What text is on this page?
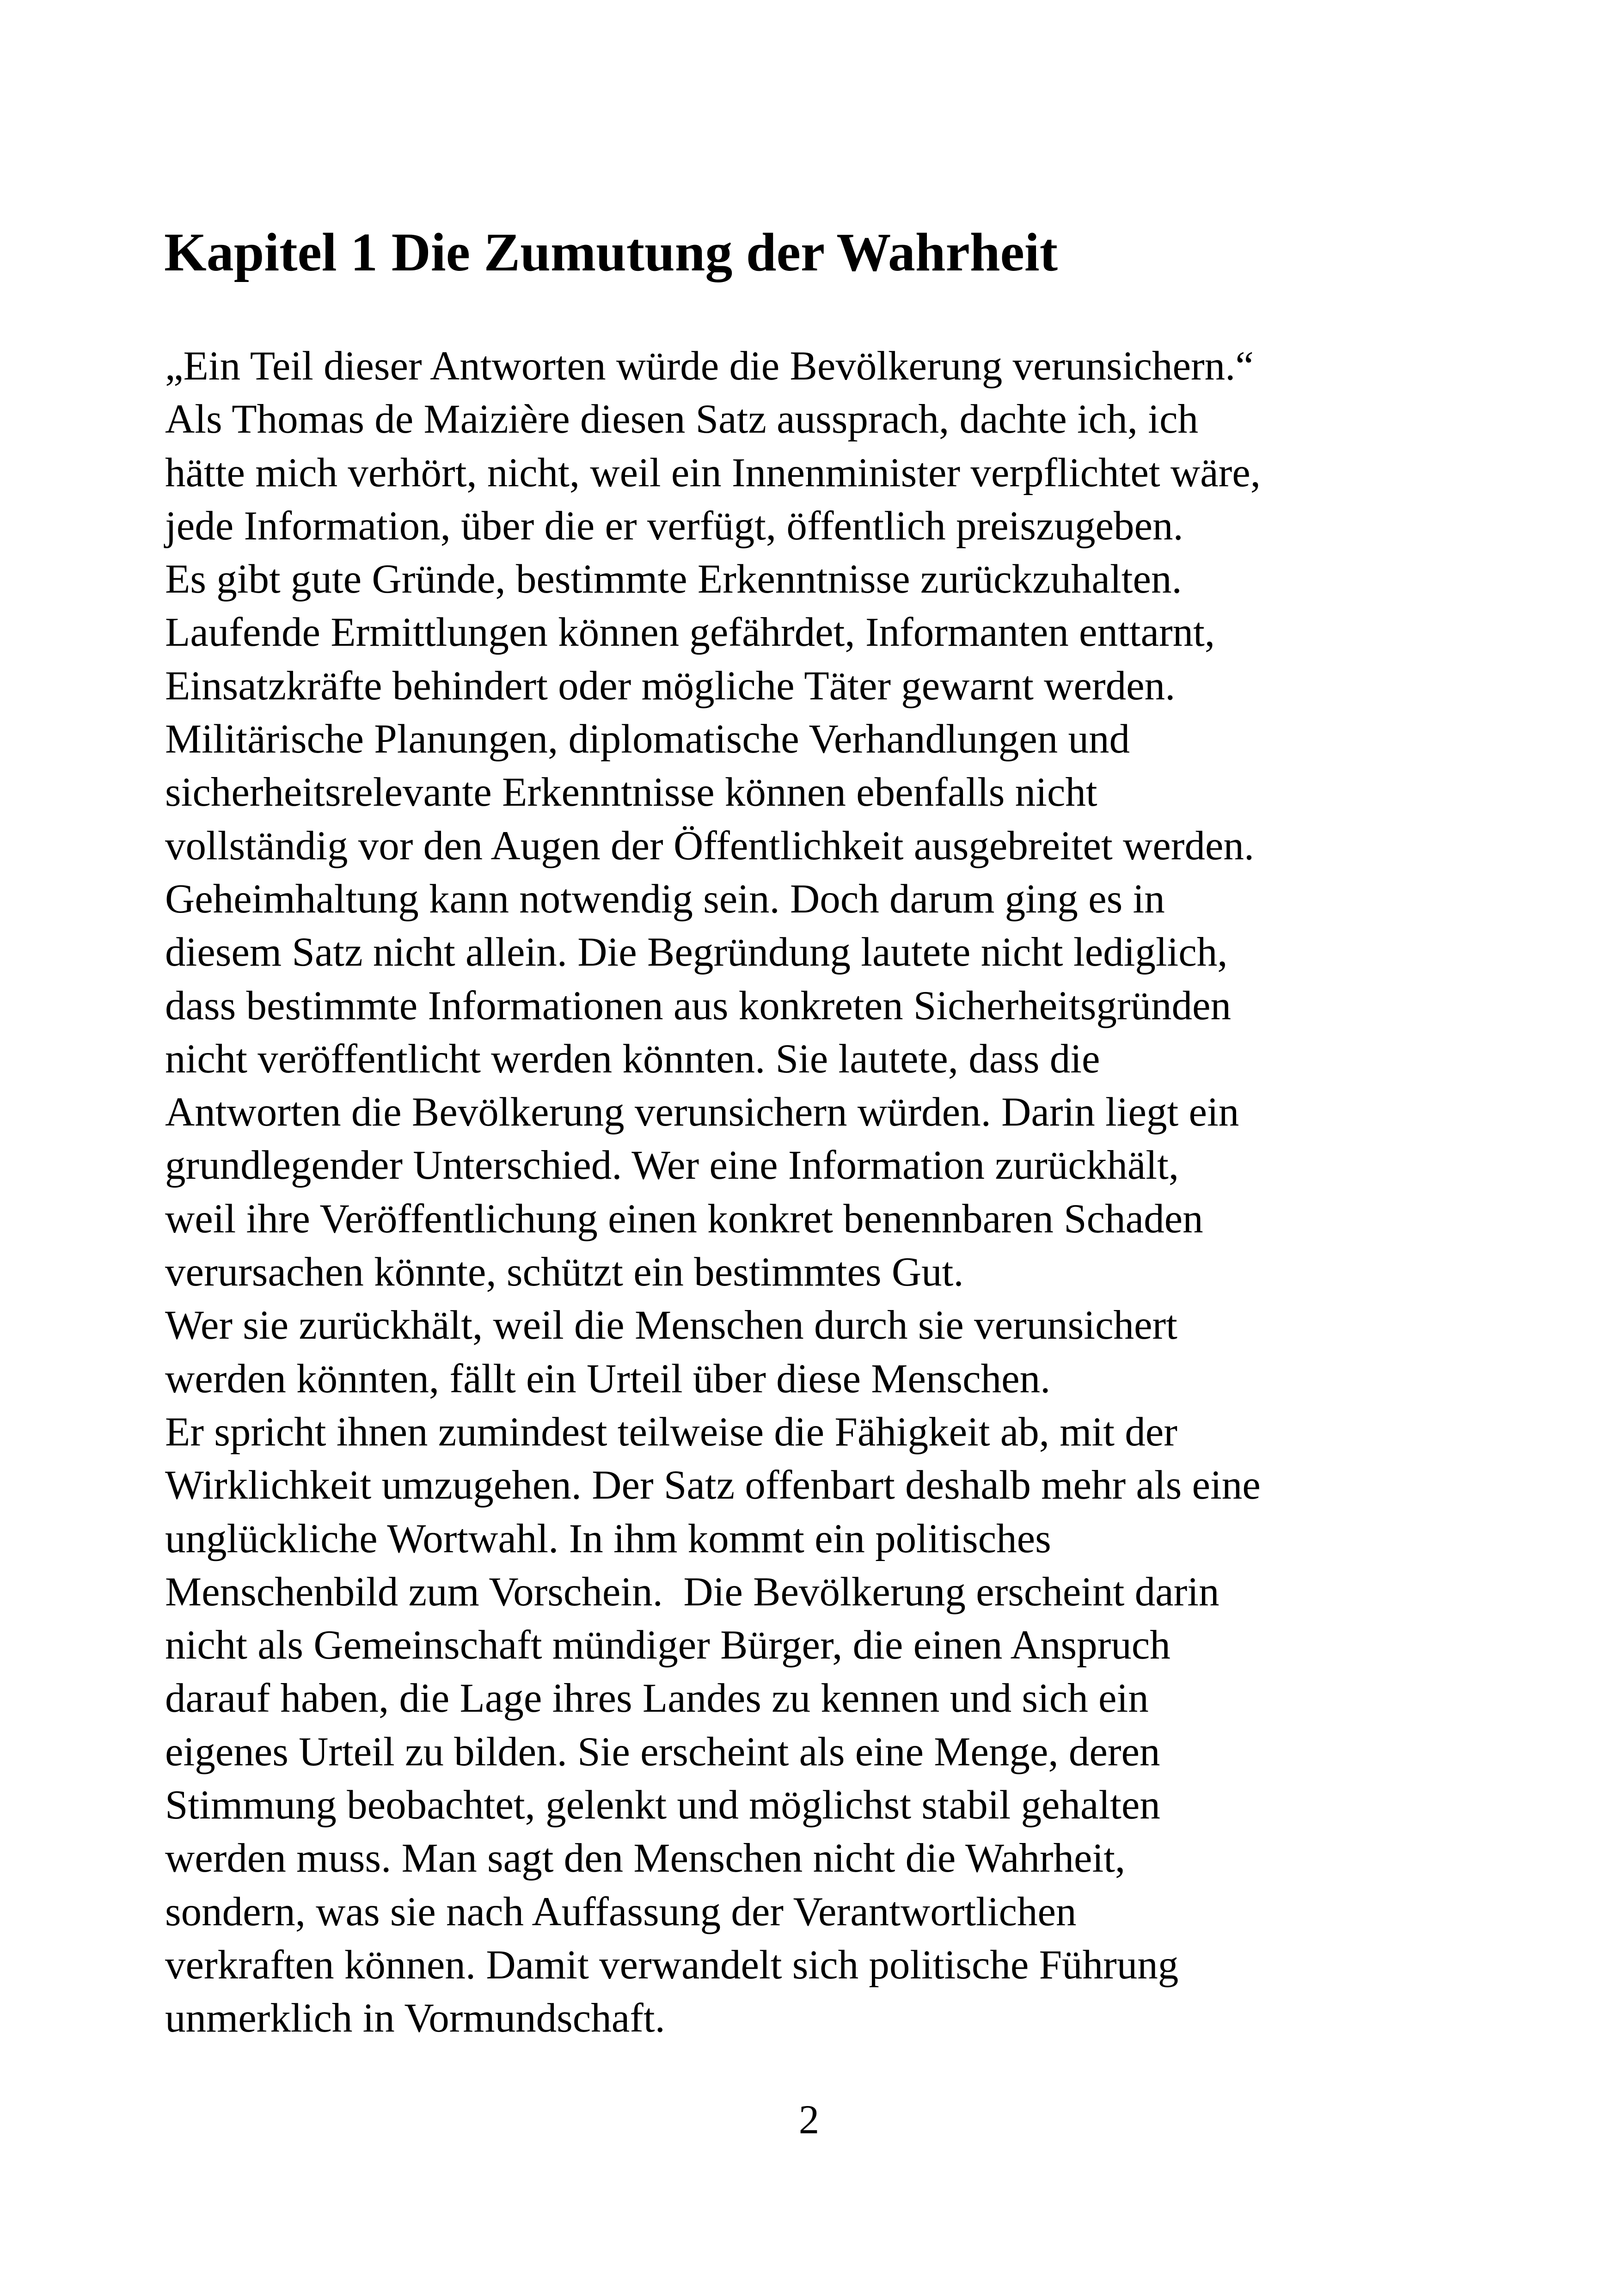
Kapitel 1 Die Zumutung der Wahrheit
„Ein Teil dieser Antworten würde die Bevölkerung verunsichern.“
Als Thomas de Maizière diesen Satz aussprach, dachte ich, ich
hätte mich verhört, nicht, weil ein Innenminister verpflichtet wäre,
jede Information, über die er verfügt, öffentlich preiszugeben.
Es gibt gute Gründe, bestimmte Erkenntnisse zurückzuhalten.
Laufende Ermittlungen können gefährdet, Informanten enttarnt,
Einsatzkräfte behindert oder mögliche Täter gewarnt werden.
Militärische Planungen, diplomatische Verhandlungen und
sicherheitsrelevante Erkenntnisse können ebenfalls nicht
vollständig vor den Augen der Öffentlichkeit ausgebreitet werden.
Geheimhaltung kann notwendig sein. Doch darum ging es in
diesem Satz nicht allein. Die Begründung lautete nicht lediglich,
dass bestimmte Informationen aus konkreten Sicherheitsgründen
nicht veröffentlicht werden könnten. Sie lautete, dass die
Antworten die Bevölkerung verunsichern würden. Darin liegt ein
grundlegender Unterschied. Wer eine Information zurückhält,
weil ihre Veröffentlichung einen konkret benennbaren Schaden
verursachen könnte, schützt ein bestimmtes Gut.
Wer sie zurückhält, weil die Menschen durch sie verunsichert
werden könnten, fällt ein Urteil über diese Menschen.
Er spricht ihnen zumindest teilweise die Fähigkeit ab, mit der
Wirklichkeit umzugehen. Der Satz offenbart deshalb mehr als eine
unglückliche Wortwahl. In ihm kommt ein politisches
Menschenbild zum Vorschein.  Die Bevölkerung erscheint darin
nicht als Gemeinschaft mündiger Bürger, die einen Anspruch
darauf haben, die Lage ihres Landes zu kennen und sich ein
eigenes Urteil zu bilden. Sie erscheint als eine Menge, deren
Stimmung beobachtet, gelenkt und möglichst stabil gehalten
werden muss. Man sagt den Menschen nicht die Wahrheit,
sondern, was sie nach Auffassung der Verantwortlichen
verkraften können. Damit verwandelt sich politische Führung
unmerklich in Vormundschaft.
2
